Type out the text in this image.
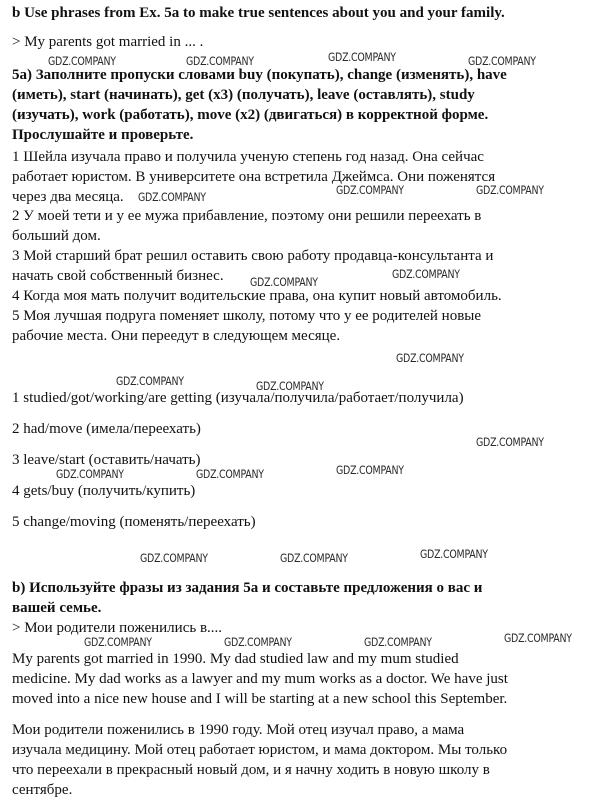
b Use phrases from Ex. 5a to make true sentences about you and your family.
> My parents got married in ... .
5a) Заполните пропуски словами buy (покупать), change (изменять), have
(иметь), start (начинать), get (x3) (получать), leave (оставлять), study
(изучать), work (работать), move (x2) (двигаться) в корректной форме.
Прослушайте и проверьте.
1 Шейла изучала право и получила ученую степень год назад. Она сейчас
работает юристом. В университете она встретила Джеймса. Они поженятся
через два месяца.
2 У моей тети и у ее мужа прибавление, поэтому они решили переехать в
больший дом.
3 Мой старший брат решил оставить свою работу продавца-консультанта и
начать свой собственный бизнес.
4 Когда моя мать получит водительские права, она купит новый автомобиль.
5 Моя лучшая подруга поменяет школу, потому что у ее родителей новые
рабочие места. Они переедут в следующем месяце.
1 studied/got/working/are getting (изучала/получила/работает/получила)
2 had/move (имела/переехать)
3 leave/start (оставить/начать)
4 gets/buy (получить/купить)
5 change/moving (поменять/переехать)
b) Используйте фразы из задания 5а и составьте предложения о вас и
вашей семье.
> Мои родители поженились в....
My parents got married in 1990. My dad studied law and my mum studied
medicine. My dad works as a lawyer and my mum works as a doctor. We have just
moved into a nice new house and I will be starting at a new school this September.
Мои родители поженились в 1990 году. Мой отец изучал право, а мама
изучала медицину. Мой отец работает юристом, и мама доктором. Мы только
что переехали в прекрасный новый дом, и я начну ходить в новую школу в
сентябре.
GDZ.COMPANY	GDZ.COMPANY	GDZ.COMPANY	GDZ.COMPANY
GDZ.COMPANY	GDZ.COMPANY	GDZ.COMPANY
GDZ.COMPANY
GDZ.COMPANY
GDZ.COMPANY
GDZ.COMPANY	GDZ.COMPANY
GDZ.COMPANY
GDZ.COMPANY	GDZ.COMPANY	GDZ.COMPANY
GDZ.COMPANY	GDZ.COMPANY	GDZ.COMPANY
GDZ.COMPANY	GDZ.COMPANY	GDZ.COMPANY	GDZ.COMPANY
